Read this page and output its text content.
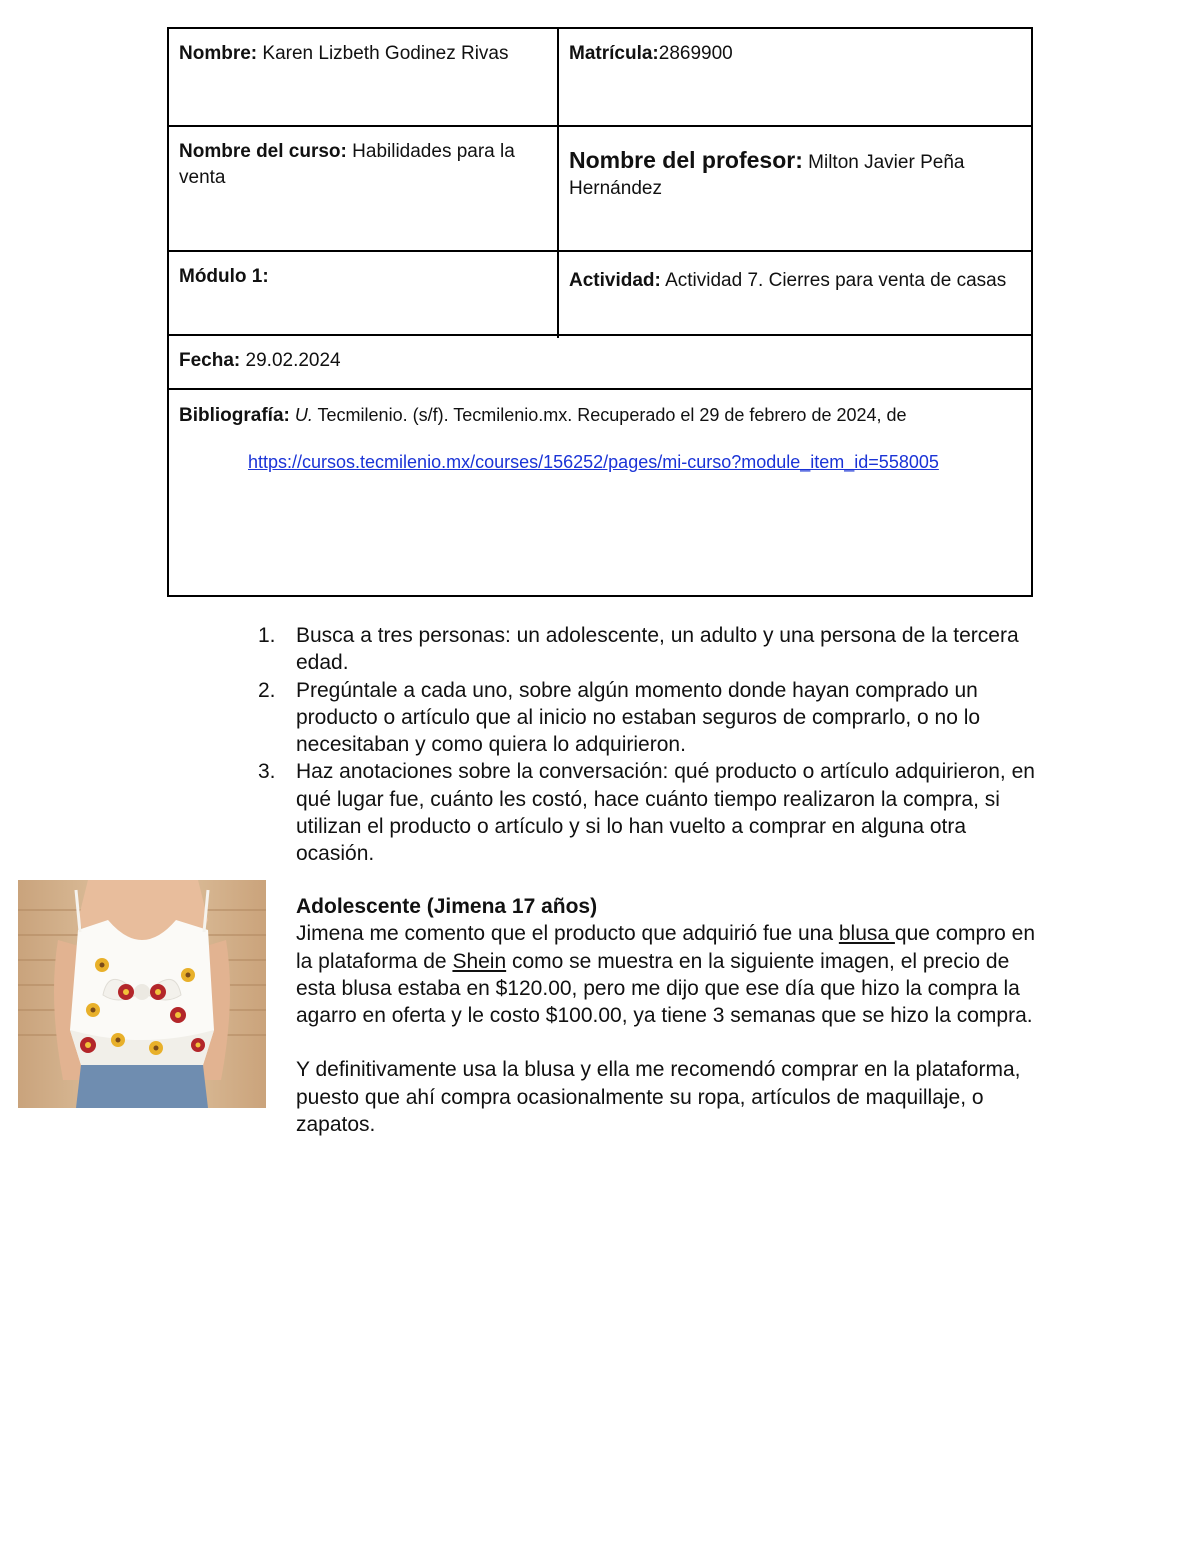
Nombre: Karen Lizbeth Godinez Rivas	Matrícula:2869900
Nombre del curso: Habilidades para la venta
Nombre del profesor: Milton Javier Peña Hernández
Módulo 1:	Actividad: Actividad 7. Cierres para venta de casas
Fecha: 29.02.2024
Bibliografía: U. Tecmilenio. (s/f). Tecmilenio.mx. Recuperado el 29 de febrero de 2024, de
https://cursos.tecmilenio.mx/courses/156252/pages/mi-curso?module_item_id=558005
1. Busca a tres personas: un adolescente, un adulto y una persona de la tercera edad.
2. Pregúntale a cada uno, sobre algún momento donde hayan comprado un producto o artículo que al inicio no estaban seguros de comprarlo, o no lo necesitaban y como quiera lo adquirieron.
3. Haz anotaciones sobre la conversación: qué producto o artículo adquirieron, en qué lugar fue, cuánto les costó, hace cuánto tiempo realizaron la compra, si utilizan el producto o artículo y si lo han vuelto a comprar en alguna otra ocasión.

Adolescente (Jimena 17 años)

Jimena me comento que el producto que adquirió fue una blusa que compro en la plataforma de Shein como se muestra en la siguiente imagen, el precio de esta blusa estaba en $120.00, pero me dijo que ese día que hizo la compra la agarro en oferta y le costo $100.00, ya tiene 3 semanas que se hizo la compra.

Y definitivamente usa la blusa y ella me recomendó comprar en la plataforma, puesto que ahí compra ocasionalmente su ropa, artículos de maquillaje, o zapatos.
